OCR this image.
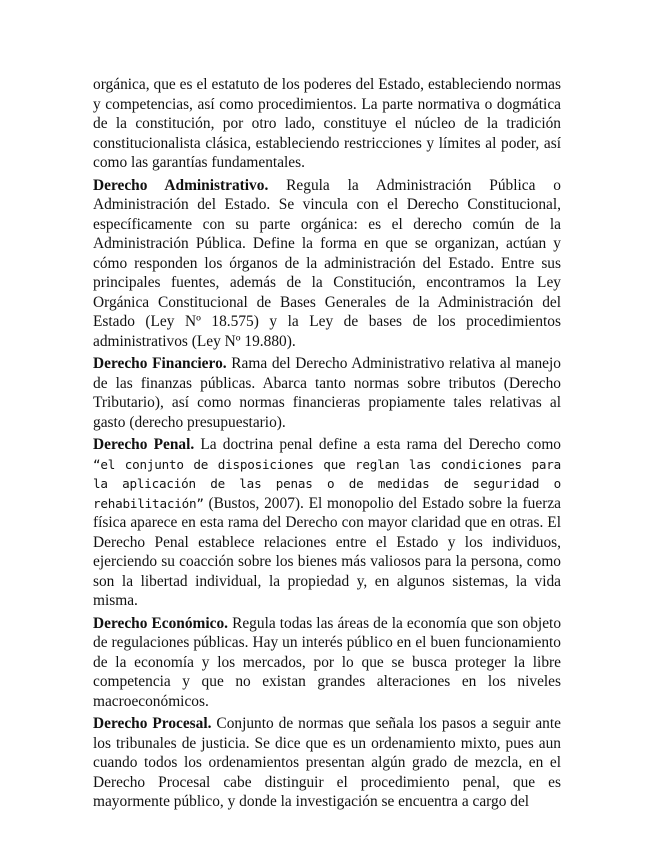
orgánica, que es el estatuto de los poderes del Estado, estableciendo normas y competencias, así como procedimientos. La parte normativa o dogmática de la constitución, por otro lado, constituye el núcleo de la tradición constitucionalista clásica, estableciendo restricciones y límites al poder, así como las garantías fundamentales.

Derecho Administrativo. Regula la Administración Pública o Administración del Estado. Se vincula con el Derecho Constitucional, específicamente con su parte orgánica: es el derecho común de la Administración Pública. Define la forma en que se organizan, actúan y cómo responden los órganos de la administración del Estado. Entre sus principales fuentes, además de la Constitución, encontramos la Ley Orgánica Constitucional de Bases Generales de la Administración del Estado (Ley Nº 18.575) y la Ley de bases de los procedimientos administrativos (Ley Nº 19.880).

Derecho Financiero. Rama del Derecho Administrativo relativa al manejo de las finanzas públicas. Abarca tanto normas sobre tributos (Derecho Tributario), así como normas financieras propiamente tales relativas al gasto (derecho presupuestario).

Derecho Penal. La doctrina penal define a esta rama del Derecho como “el conjunto de disposiciones que reglan las condiciones para la aplicación de las penas o de medidas de seguridad o rehabilitación” (Bustos, 2007). El monopolio del Estado sobre la fuerza física aparece en esta rama del Derecho con mayor claridad que en otras. El Derecho Penal establece relaciones entre el Estado y los individuos, ejerciendo su coacción sobre los bienes más valiosos para la persona, como son la libertad individual, la propiedad y, en algunos sistemas, la vida misma.

Derecho Económico. Regula todas las áreas de la economía que son objeto de regulaciones públicas. Hay un interés público en el buen funcionamiento de la economía y los mercados, por lo que se busca proteger la libre competencia y que no existan grandes alteraciones en los niveles macroeconómicos.

Derecho Procesal. Conjunto de normas que señala los pasos a seguir ante los tribunales de justicia. Se dice que es un ordenamiento mixto, pues aun cuando todos los ordenamientos presentan algún grado de mezcla, en el Derecho Procesal cabe distinguir el procedimiento penal, que es mayormente público, y donde la investigación se encuentra a cargo del
